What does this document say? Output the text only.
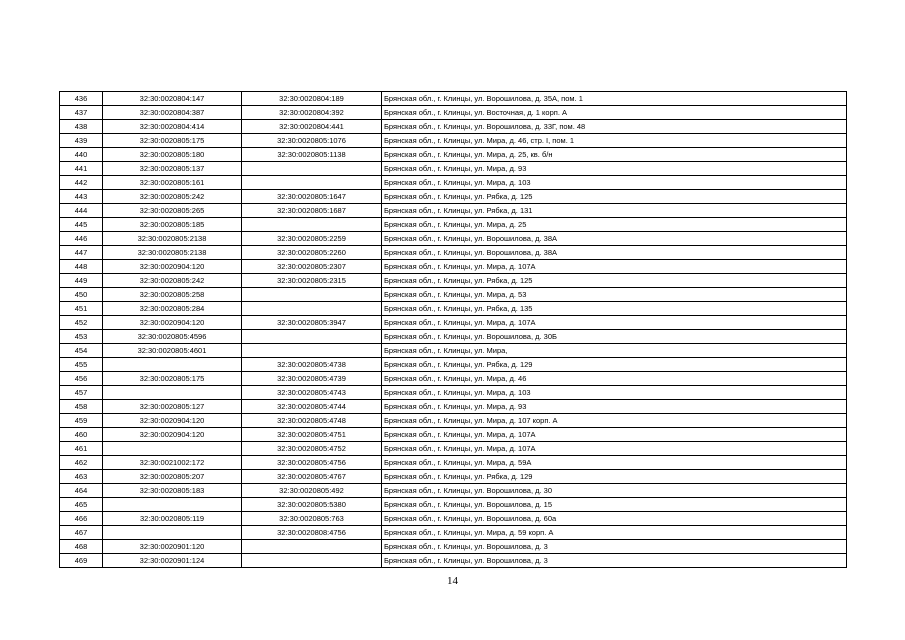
436	32:30:0020804:147	32:30:0020804:189	Брянская обл., г. Клинцы, ул. Ворошилова, д. 35А, пом. 1
437	32:30:0020804:387	32:30:0020804:392	Брянская обл., г. Клинцы, ул. Восточная, д. 1 корп. А
438	32:30:0020804:414	32:30:0020804:441	Брянская обл., г. Клинцы, ул. Ворошилова, д. 33Г, пом. 48
439	32:30:0020805:175	32:30:0020805:1076	Брянская обл., г. Клинцы, ул. Мира, д. 46, стр. I, пом. 1
440	32:30:0020805:180	32:30:0020805:1138	Брянская обл., г. Клинцы, ул. Мира, д. 25, кв. б/н
441	32:30:0020805:137		Брянская обл., г. Клинцы, ул. Мира, д. 93
442	32:30:0020805:161		Брянская обл., г. Клинцы, ул. Мира, д. 103
443	32:30:0020805:242	32:30:0020805:1647	Брянская обл., г. Клинцы, ул. Рябка, д. 125
444	32:30:0020805:265	32:30:0020805:1687	Брянская обл., г. Клинцы, ул. Рябка, д. 131
445	32:30:0020805:185		Брянская обл., г. Клинцы, ул. Мира, д. 25
446	32:30:0020805:2138	32:30:0020805:2259	Брянская обл., г. Клинцы, ул. Ворошилова, д. 38А
447	32:30:0020805:2138	32:30:0020805:2260	Брянская обл., г. Клинцы, ул. Ворошилова, д. 38А
448	32:30:0020904:120	32:30:0020805:2307	Брянская обл., г. Клинцы, ул. Мира, д. 107А
449	32:30:0020805:242	32:30:0020805:2315	Брянская обл., г. Клинцы, ул. Рябка, д. 125
450	32:30:0020805:258		Брянская обл., г. Клинцы, ул. Мира, д. 53
451	32:30:0020805:284		Брянская обл., г. Клинцы, ул. Рябка, д. 135
452	32:30:0020904:120	32:30:0020805:3947	Брянская обл., г. Клинцы, ул. Мира, д. 107А
453	32:30:0020805:4596		Брянская обл., г. Клинцы, ул. Ворошилова, д. 30Б
454	32:30:0020805:4601		Брянская обл., г. Клинцы, ул. Мира,
455		32:30:0020805:4738	Брянская обл., г. Клинцы, ул. Рябка, д. 129
456	32:30:0020805:175	32:30:0020805:4739	Брянская обл., г. Клинцы, ул. Мира, д. 46
457		32:30:0020805:4743	Брянская обл., г. Клинцы, ул. Мира, д. 103
458	32:30:0020805:127	32:30:0020805:4744	Брянская обл., г. Клинцы, ул. Мира, д. 93
459	32:30:0020904:120	32:30:0020805:4748	Брянская обл., г. Клинцы, ул. Мира, д. 107 корп. А
460	32:30:0020904:120	32:30:0020805:4751	Брянская обл., г. Клинцы, ул. Мира, д. 107А
461		32:30:0020805:4752	Брянская обл., г. Клинцы, ул. Мира, д. 107А
462	32:30:0021002:172	32:30:0020805:4756	Брянская обл., г. Клинцы, ул. Мира, д. 59А
463	32:30:0020805:207	32:30:0020805:4767	Брянская обл., г. Клинцы, ул. Рябка, д. 129
464	32:30:0020805:183	32:30:0020805:492	Брянская обл., г. Клинцы, ул. Ворошилова, д. 30
465		32:30:0020805:5380	Брянская обл., г. Клинцы, ул. Ворошилова, д. 15
466	32:30:0020805:119	32:30:0020805:763	Брянская обл., г. Клинцы, ул. Ворошилова, д. 60а
467		32:30:0020808:4756	Брянская обл., г. Клинцы, ул. Мира, д. 59 корп. А
468	32:30:0020901:120		Брянская обл., г. Клинцы, ул. Ворошилова, д. 3
469	32:30:0020901:124		Брянская обл., г. Клинцы, ул. Ворошилова, д. 3
14
